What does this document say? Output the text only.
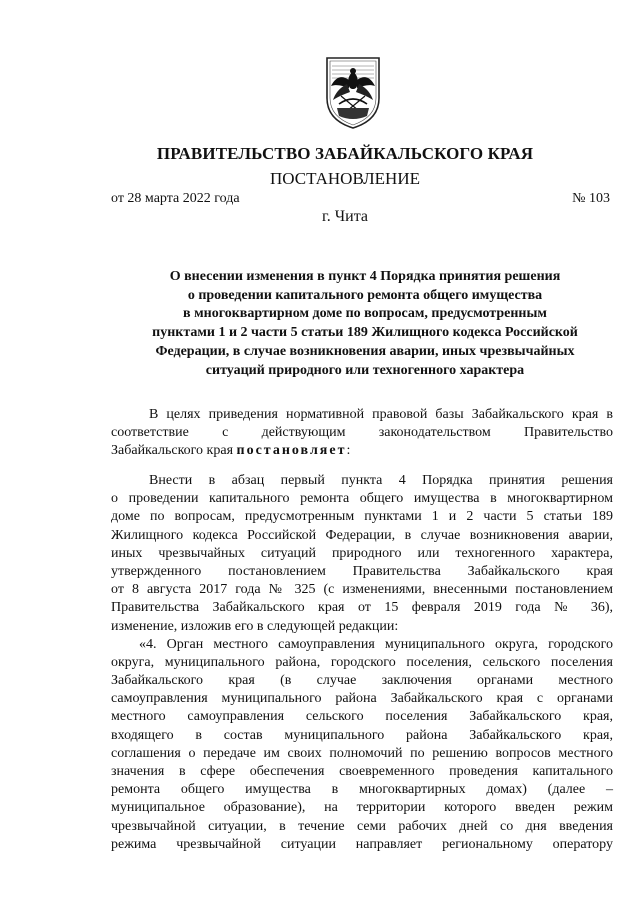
ПРАВИТЕЛЬСТВО ЗАБАЙКАЛЬСКОГО КРАЯ
ПОСТАНОВЛЕНИЕ
от 28 марта 2022 года	№ 103
г. Чита
О внесении изменения в пункт 4 Порядка принятия решения
о проведении капитального ремонта общего имущества
в многоквартирном доме по вопросам, предусмотренным
пунктами 1 и 2 части 5 статьи 189 Жилищного кодекса Российской
Федерации, в случае возникновения аварии, иных чрезвычайных
ситуаций природного или техногенного характера
В целях приведения нормативной правовой базы Забайкальского края в
соответствие с действующим законодательством Правительство
Забайкальского края постановляет:
Внести в абзац первый пункта 4 Порядка принятия решения
о проведении капитального ремонта общего имущества в многоквартирном
доме по вопросам, предусмотренным пунктами 1 и 2 части 5 статьи 189
Жилищного кодекса Российской Федерации, в случае возникновения аварии,
иных чрезвычайных ситуаций природного или техногенного характера,
утвержденного постановлением Правительства Забайкальского края
от 8 августа 2017 года № 325 (с изменениями, внесенными постановлением
Правительства Забайкальского края от 15 февраля 2019 года № 36),
изменение, изложив его в следующей редакции:
«4. Орган местного самоуправления муниципального округа, городского
округа, муниципального района, городского поселения, сельского поселения
Забайкальского края (в случае заключения органами местного
самоуправления муниципального района Забайкальского края с органами
местного самоуправления сельского поселения Забайкальского края,
входящего в состав муниципального района Забайкальского края,
соглашения о передаче им своих полномочий по решению вопросов местного
значения в сфере обеспечения своевременного проведения капитального
ремонта общего имущества в многоквартирных домах) (далее –
муниципальное образование), на территории которого введен режим
чрезвычайной ситуации, в течение семи рабочих дней со дня введения
режима чрезвычайной ситуации направляет региональному оператору
